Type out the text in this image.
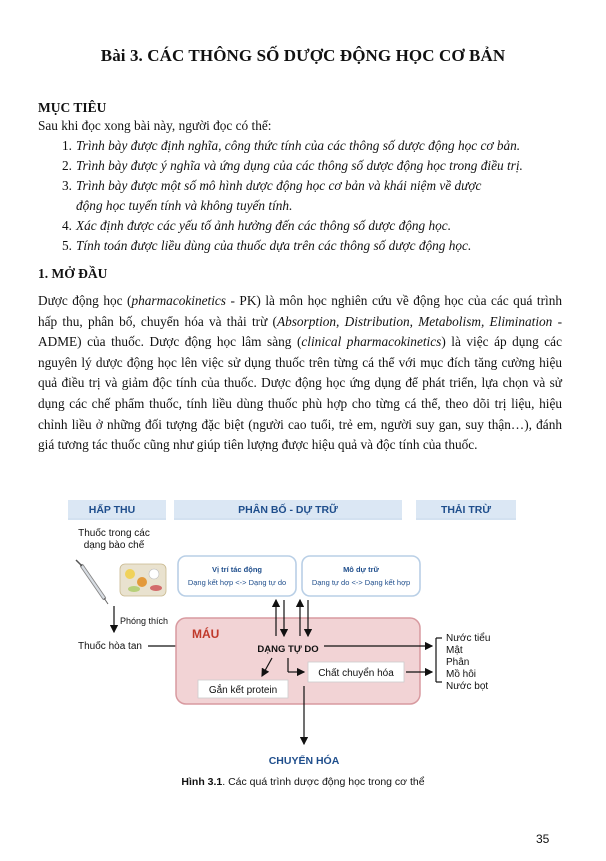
Bài 3. CÁC THÔNG SỐ DƯỢC ĐỘNG HỌC CƠ BẢN
MỤC TIÊU
Sau khi đọc xong bài này, người đọc có thể:
1. Trình bày được định nghĩa, công thức tính của các thông số dược động học cơ bản.
2. Trình bày được ý nghĩa và ứng dụng của các thông số dược động học trong điều trị.
3. Trình bày được một số mô hình dược động học cơ bản và khái niệm về dược
động học tuyến tính và không tuyến tính.
4. Xác định được các yếu tố ảnh hưởng đến các thông số dược động học.
5. Tính toán được liều dùng của thuốc dựa trên các thông số dược động học.
1. MỞ ĐẦU

Dược động học (pharmacokinetics - PK) là môn học nghiên cứu về động học của các quá trình hấp thu, phân bố, chuyển hóa và thải trừ (Absorption, Distribution, Metabolism, Elimination - ADME) của thuốc. Dược động học lâm sàng (clinical pharmacokinetics) là việc áp dụng các nguyên lý dược động học lên việc sử dụng thuốc trên từng cá thể với mục đích tăng cường hiệu quả điều trị và giảm độc tính của thuốc. Dược động học ứng dụng để phát triển, lựa chọn và sử dụng các chế phẩm thuốc, tính liều dùng thuốc phù hợp cho từng cá thể, theo dõi trị liệu, hiệu chỉnh liều ở những đối tượng đặc biệt (người cao tuổi, trẻ em, người suy gan, suy thận…), đánh giá tương tác thuốc cũng như giúp tiên lượng được hiệu quả và độc tính của thuốc.

HẤP THU	PHÂN BỐ - DỰ TRỮ	THẢI TRỪ
Thuốc trong các
dạng bào chế
Phóng thích
Thuốc hòa tan
Vị trí tác động
Dạng kết hợp <-> Dạng tự do
Mô dự trữ
Dạng tự do <-> Dạng kết hợp
MÁU
DẠNG TỰ DO
Chất chuyển hóa
Gắn kết protein
Nước tiểu
Mật
Phân
Mồ hôi
Nước bọt
CHUYỂN HÓA
Hình 3.1. Các quá trình dược động học trong cơ thể
35
